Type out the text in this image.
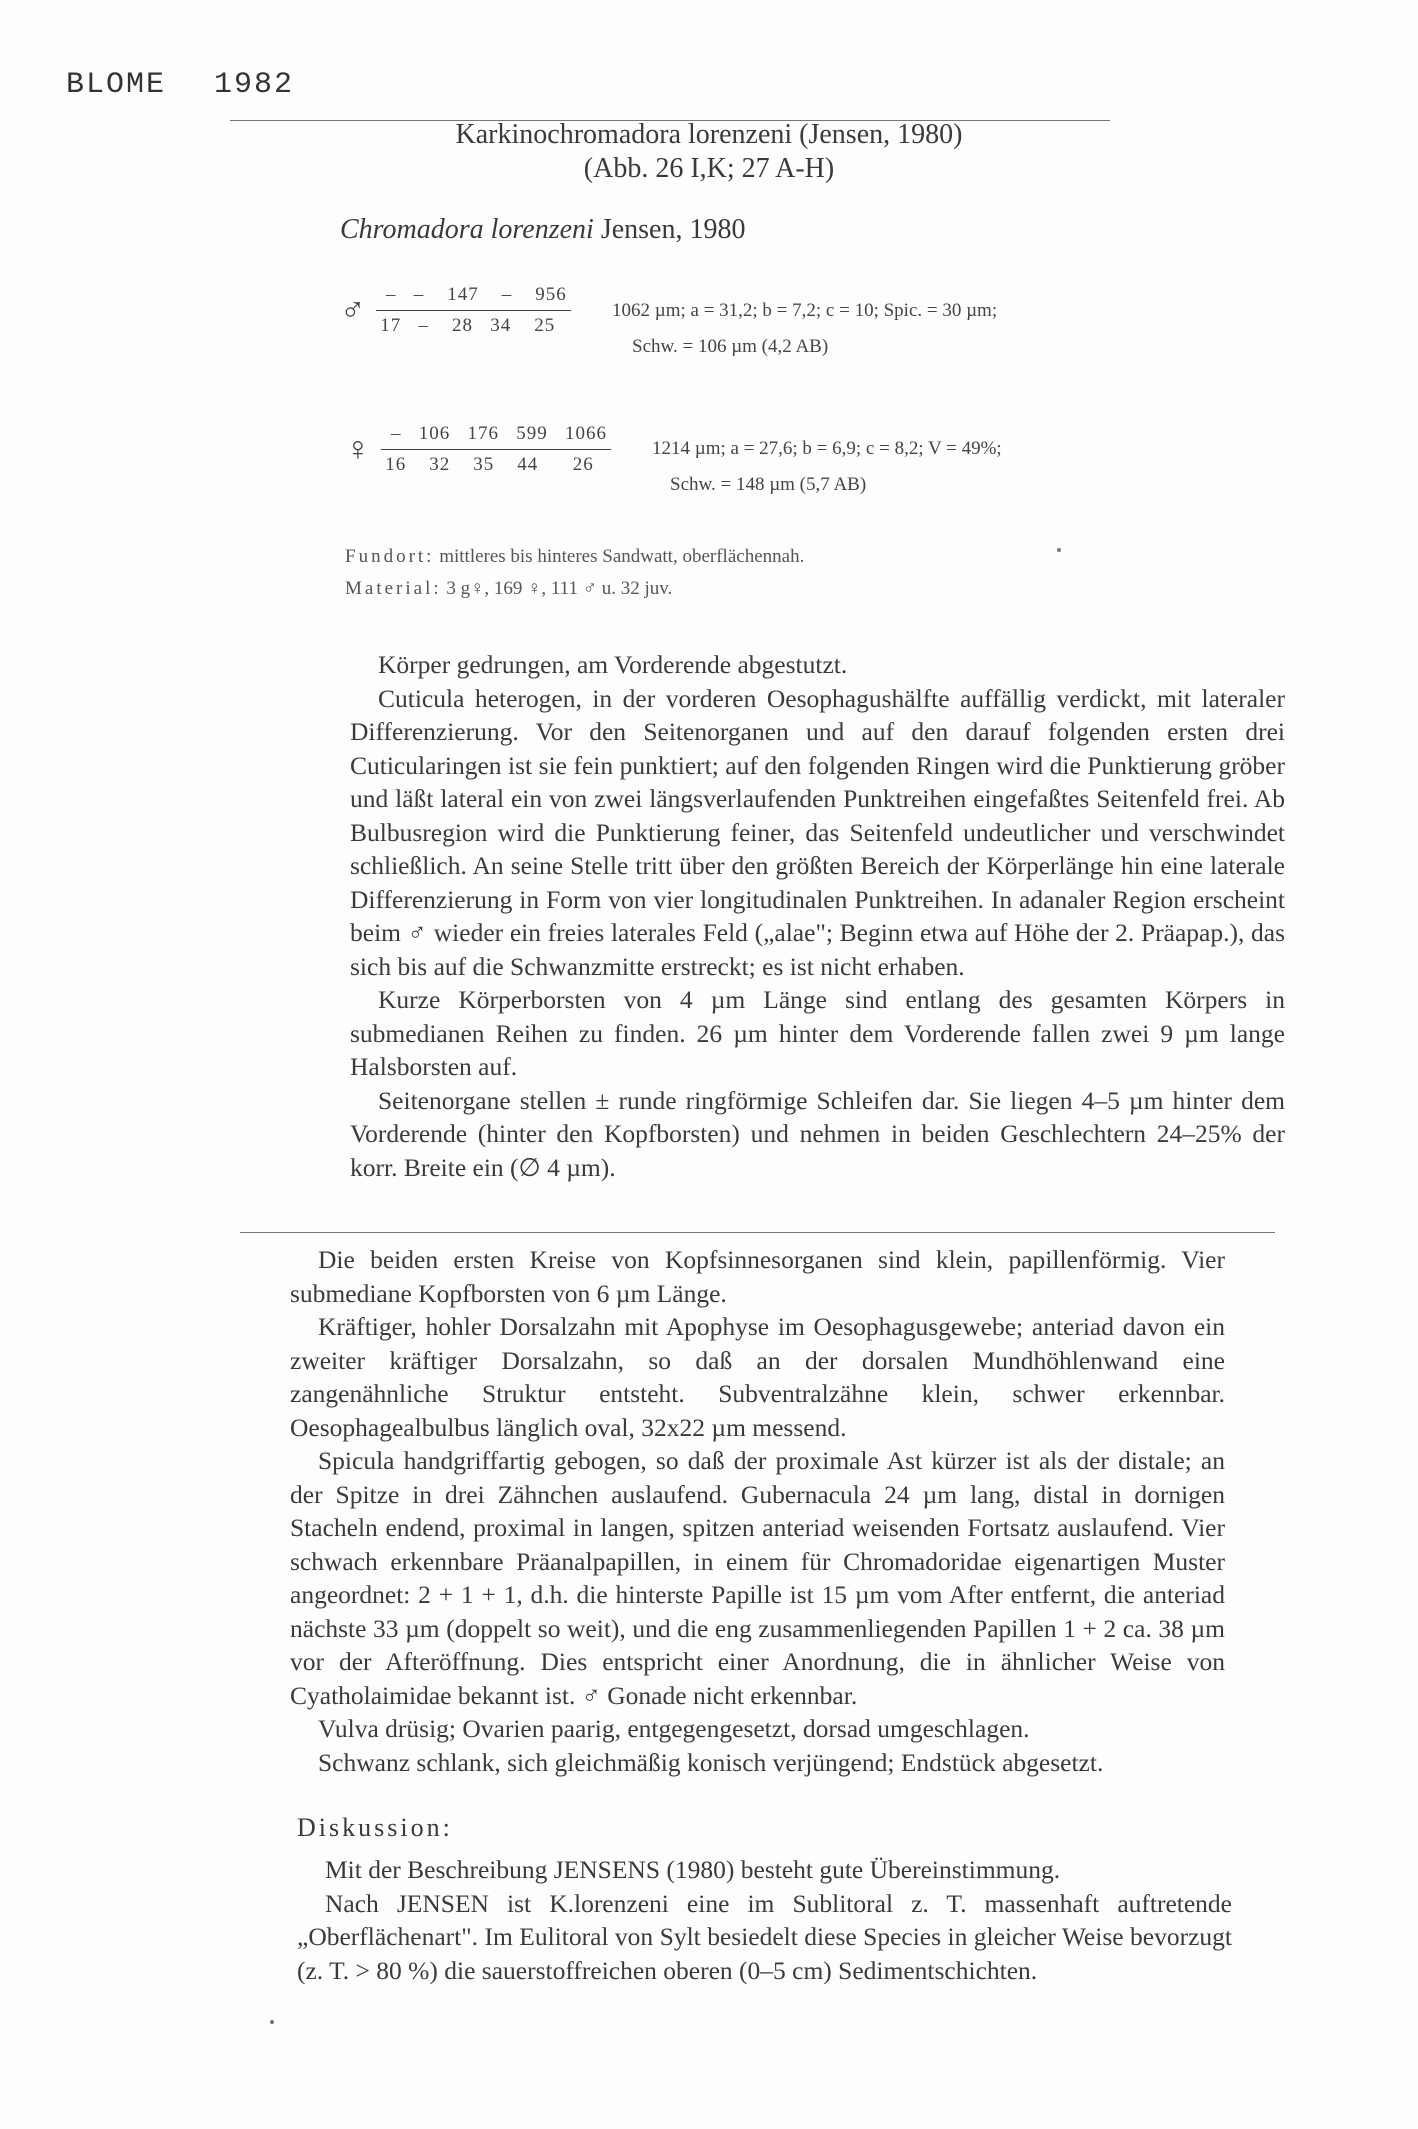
BLOME 1982
Karkinochromadora lorenzeni (Jensen, 1980)
(Abb. 26 I,K; 27 A-H)
Chromadora lorenzeni Jensen, 1980
♂ $\frac{- - 147 - 956}{17 - 28 34 25} 1062$ µm; a = 31,2; b = 7,2; c = 10; Spic. = 30 µm;
Schw. = 106 µm (4,2 AB)
♀ $\frac{- 106 176 599 1066}{16 32 35 44 26} 1214$ µm; a = 27,6; b = 6,9; c = 8,2; V = 49%;
Schw. = 148 µm (5,7 AB)
Fundort: mittleres bis hinteres Sandwatt, oberflächennah.
Material: 3 g♀, 169 ♀, 111 ♂ u. 32 juv.

Körper gedrungen, am Vorderende abgestutzt.

Cuticula heterogen, in der vorderen Oesophagushälfte auffällig verdickt, mit lateraler Differenzierung. Vor den Seitenorganen und auf den darauf folgenden ersten drei Cuticularingen ist sie fein punktiert; auf den folgenden Ringen wird die Punktierung gröber und läßt lateral ein von zwei längsverlaufenden Punktreihen eingefaßtes Seitenfeld frei. Ab Bulbusregion wird die Punktierung feiner, das Seitenfeld undeutlicher und verschwindet schließlich. An seine Stelle tritt über den größten Bereich der Körperlänge hin eine laterale Differenzierung in Form von vier longitudinalen Punktreihen. In adanaler Region erscheint beim ♂ wieder ein freies laterales Feld („alae"; Beginn etwa auf Höhe der 2. Präapap.), das sich bis auf die Schwanzmitte erstreckt; es ist nicht erhaben.

Kurze Körperborsten von 4 µm Länge sind entlang des gesamten Körpers in submedianen Reihen zu finden. 26 µm hinter dem Vorderende fallen zwei 9 µm lange Halsborsten auf.

Seitenorgane stellen ± runde ringförmige Schleifen dar. Sie liegen 4–5 µm hinter dem Vorderende (hinter den Kopfborsten) und nehmen in beiden Geschlechtern 24–25% der korr. Breite ein (∅ 4 µm).

Die beiden ersten Kreise von Kopfsinnesorganen sind klein, papillenförmig. Vier submediane Kopfborsten von 6 µm Länge.

Kräftiger, hohler Dorsalzahn mit Apophyse im Oesophagusgewebe; anteriad davon ein zweiter kräftiger Dorsalzahn, so daß an der dorsalen Mundhöhlenwand eine zangenähnliche Struktur entsteht. Subventralzähne klein, schwer erkennbar. Oesophagealbulbus länglich oval, 32x22 µm messend.

Spicula handgriffartig gebogen, so daß der proximale Ast kürzer ist als der distale; an der Spitze in drei Zähnchen auslaufend. Gubernacula 24 µm lang, distal in dornigen Stacheln endend, proximal in langen, spitzen anteriad weisenden Fortsatz auslaufend. Vier schwach erkennbare Präanalpapillen, in einem für Chromadoridae eigenartigen Muster angeordnet: 2 + 1 + 1, d.h. die hinterste Papille ist 15 µm vom After entfernt, die anteriad nächste 33 µm (doppelt so weit), und die eng zusammenliegenden Papillen 1 + 2 ca. 38 µm vor der Afteröffnung. Dies entspricht einer Anordnung, die in ähnlicher Weise von Cyatholaimidae bekannt ist. ♂ Gonade nicht erkennbar.

Vulva drüsig; Ovarien paarig, entgegengesetzt, dorsad umgeschlagen.

Schwanz schlank, sich gleichmäßig konisch verjüngend; Endstück abgesetzt.

Diskussion:

Mit der Beschreibung JENSENS (1980) besteht gute Übereinstimmung.

Nach JENSEN ist K.lorenzeni eine im Sublitoral z. T. massenhaft auftretende „Oberflächenart". Im Eulitoral von Sylt besiedelt diese Species in gleicher Weise bevorzugt (z. T. > 80 %) die sauerstoffreichen oberen (0–5 cm) Sedimentschichten.
